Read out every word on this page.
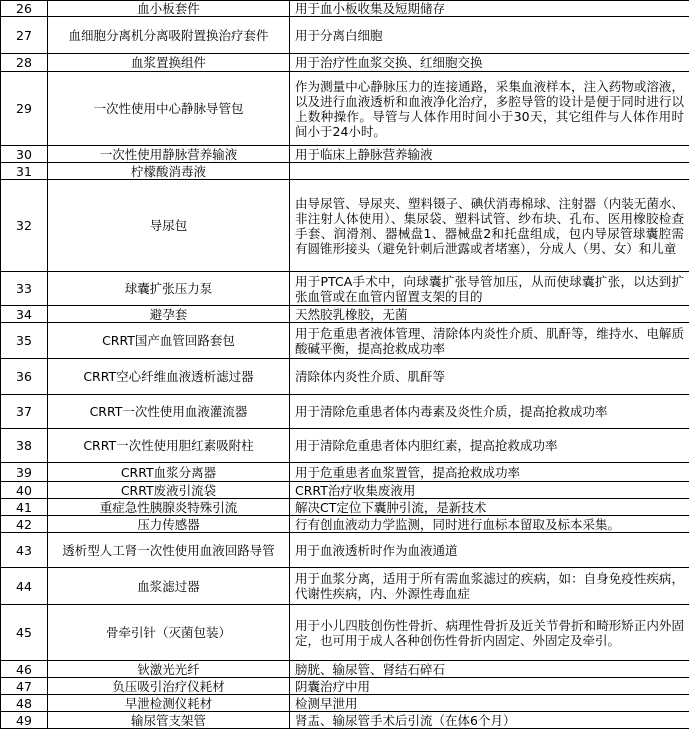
26	血小板套件	用于血小板收集及短期储存
27	血细胞分离机分离吸附置换治疗套件	用于分离白细胞
28	血浆置换组件	用于治疗性血浆交换、红细胞交换
29	一次性使用中心静脉导管包	作为测量中心静脉压力的连接通路，采集血液样本，注入药物或溶液，以及进行血液透析和血液净化治疗，多腔导管的设计是便于同时进行以上数种操作。导管与人体作用时间小于30天，其它组件与人体作用时间小于24小时。
30	一次性使用静脉营养输液	用于临床上静脉营养输液
31	柠檬酸消毒液	
32	导尿包	由导尿管、导尿夹、塑料镊子、碘伏消毒棉球、注射器（内装无菌水、非注射人体使用）、集尿袋、塑料试管、纱布块、孔布、医用橡胶检查手套、润滑剂、器械盘1、器械盘2和托盘组成，包内导尿管球囊腔需有圆锥形接头（避免针刺后泄露或者堵塞），分成人（男、女）和儿童
33	球囊扩张压力泵	用于PTCA手术中，向球囊扩张导管加压，从而使球囊扩张，以达到扩张血管或在血管内留置支架的目的
34	避孕套	天然胶乳橡胶，无菌
35	CRRT国产血管回路套包	用于危重患者液体管理、清除体内炎性介质、肌酐等，维持水、电解质酸碱平衡，提高抢救成功率
36	CRRT空心纤维血液透析滤过器	清除体内炎性介质、肌酐等
37	CRRT一次性使用血液灌流器	用于清除危重患者体内毒素及炎性介质，提高抢救成功率
38	CRRT一次性使用胆红素吸附柱	用于清除危重患者体内胆红素，提高抢救成功率
39	CRRT血浆分离器	用于危重患者血浆置管，提高抢救成功率
40	CRRT废液引流袋	CRRT治疗收集废液用
41	重症急性胰腺炎特殊引流	解决CT定位下囊肿引流，是新技术
42	压力传感器	行有创血液动力学监测，同时进行血标本留取及标本采集。
43	透析型人工肾一次性使用血液回路导管	用于血液透析时作为血液通道
44	血浆滤过器	用于血浆分离，适用于所有需血浆滤过的疾病，如：自身免疫性疾病，代谢性疾病，内、外源性毒血症
45	骨牵引针（灭菌包装）	用于小儿四肢创伤性骨折、病理性骨折及近关节骨折和畸形矫正内外固定，也可用于成人各种创伤性骨折内固定、外固定及牵引。
46	钬激光光纤	膀胱、输尿管、肾结石碎石
47	负压吸引治疗仪耗材	阴囊治疗中用
48	早泄检测仪耗材	检测早泄用
49	输尿管支架管	肾盂、输尿管手术后引流（在体6个月）
